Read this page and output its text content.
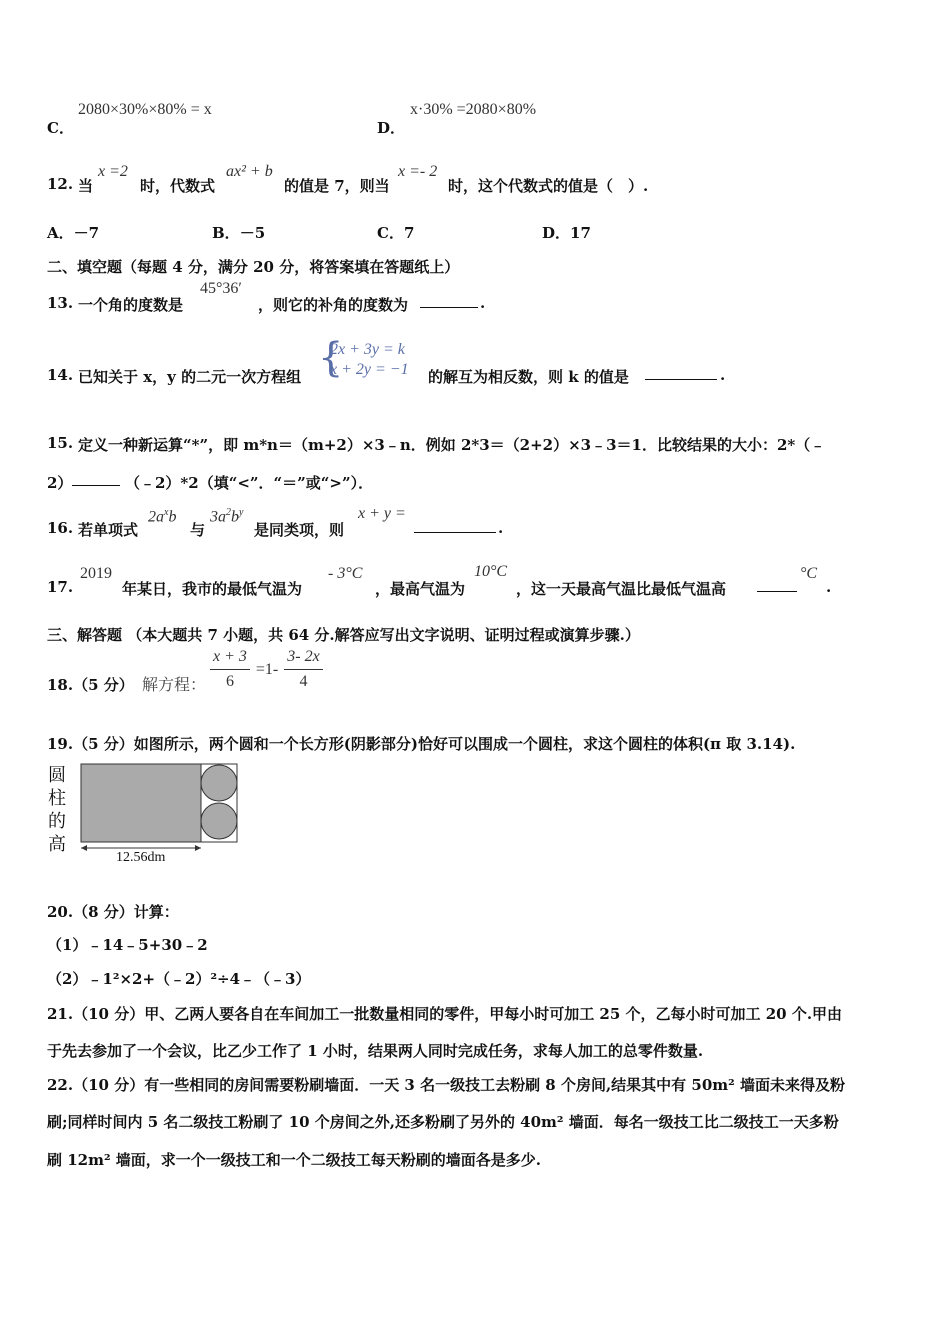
C．
2080×30%×80% = x
D．
x·30% =2080×80%
12. 当
x =2
时，代数式
ax² + b
的值是 7，则当
x =- 2
时，这个代数式的值是（　）.
A．－7	B．－5	C．7	D．17
二、填空题（每题 4 分，满分 20 分，将答案填在答题纸上）
13. 一个角的度数是
45°36′
，则它的补角的度数为	.
14. 已知关于 x，y 的二元一次方程组 {
2x + 3y = k
x + 2y = −1 的解互为相反数，则 k 的值是	.
15. 定义一种新运算“*”，即 m*n＝（m+2）×3﹣n．例如 2*3＝（2+2）×3﹣3＝1．比较结果的大小：2*（﹣
2）	（﹣2）*2（填“<”．“＝”或“>”）．
16. 若单项式
$2a^xb$
与
$3a^2b^y$
是同类项，则
x + y =
.
17.
2019
年某日，我市的最低气温为
- 3°C
，最高气温为
10°C
，这一天最高气温比最低气温高
°C
.
三、解答题 （本大题共 7 小题，共 64 分.解答应写出文字说明、证明过程或演算步骤.）
18.（5 分） 解方程： $\frac{x + 3}{6} =1- \frac{3- 2x}{4}$
19.（5 分）如图所示，两个圆和一个长方形(阴影部分)恰好可以围成一个圆柱，求这个圆柱的体积(π 取 3.14).
圆
柱
的
高
12.56dm
20.（8 分）计算：
（1）﹣14﹣5+30﹣2
（2）﹣1²×2+（﹣2）²÷4﹣（﹣3）
21.（10 分）甲、乙两人要各自在车间加工一批数量相同的零件，甲每小时可加工 25 个，乙每小时可加工 20 个.甲由
于先去参加了一个会议，比乙少工作了 1 小时，结果两人同时完成任务，求每人加工的总零件数量.
22.（10 分）有一些相同的房间需要粉刷墙面．一天 3 名一级技工去粉刷 8 个房间,结果其中有 50m² 墙面未来得及粉
刷;同样时间内 5 名二级技工粉刷了 10 个房间之外,还多粉刷了另外的 40m² 墙面．每名一级技工比二级技工一天多粉
刷 12m² 墙面，求一个一级技工和一个二级技工每天粉刷的墙面各是多少.
